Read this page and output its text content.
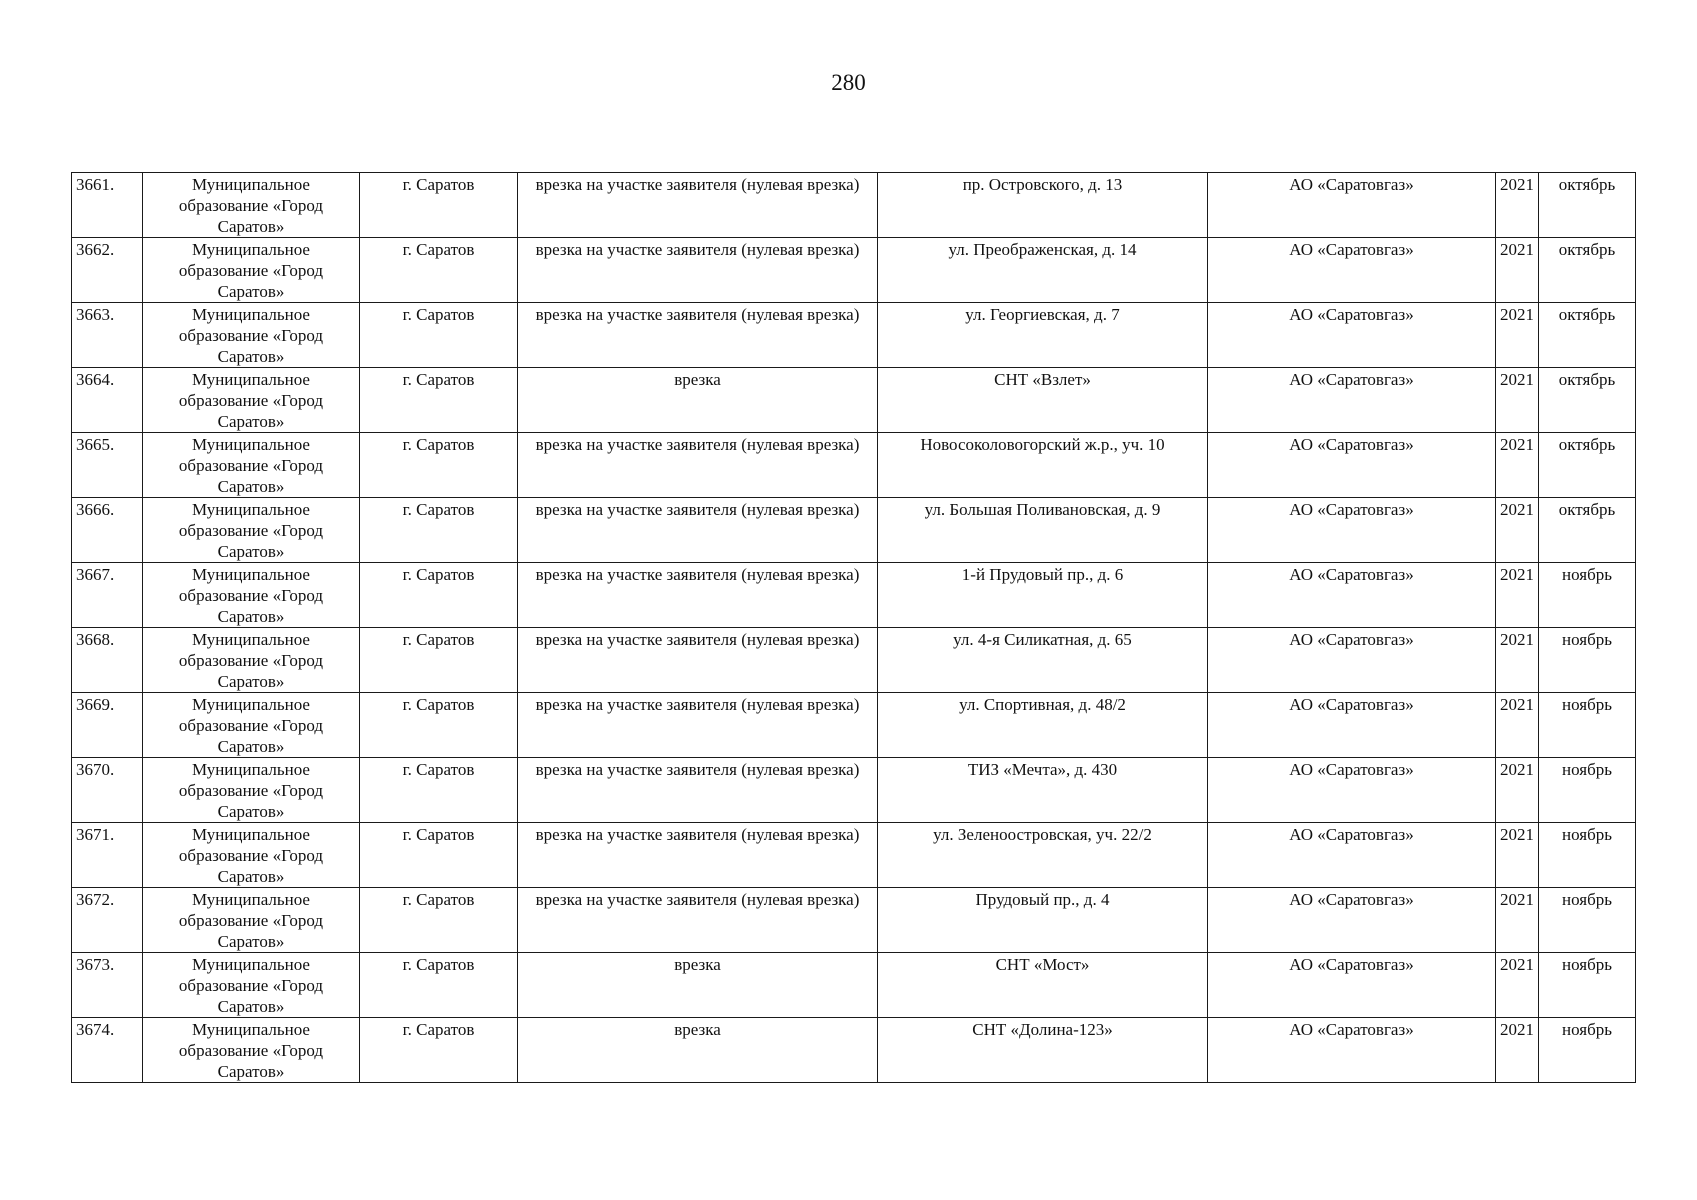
280
3661.	Муниципальное образование «Город Саратов»	г. Саратов	врезка на участке заявителя (нулевая врезка)	пр. Островского, д. 13	АО «Саратовгаз»	2021	октябрь
3662.	Муниципальное образование «Город Саратов»	г. Саратов	врезка на участке заявителя (нулевая врезка)	ул. Преображенская, д. 14	АО «Саратовгаз»	2021	октябрь
3663.	Муниципальное образование «Город Саратов»	г. Саратов	врезка на участке заявителя (нулевая врезка)	ул. Георгиевская, д. 7	АО «Саратовгаз»	2021	октябрь
3664.	Муниципальное образование «Город Саратов»	г. Саратов	врезка	СНТ «Взлет»	АО «Саратовгаз»	2021	октябрь
3665.	Муниципальное образование «Город Саратов»	г. Саратов	врезка на участке заявителя (нулевая врезка)	Новосоколовогорский ж.р., уч. 10	АО «Саратовгаз»	2021	октябрь
3666.	Муниципальное образование «Город Саратов»	г. Саратов	врезка на участке заявителя (нулевая врезка)	ул. Большая Поливановская, д. 9	АО «Саратовгаз»	2021	октябрь
3667.	Муниципальное образование «Город Саратов»	г. Саратов	врезка на участке заявителя (нулевая врезка)	1-й Прудовый пр., д. 6	АО «Саратовгаз»	2021	ноябрь
3668.	Муниципальное образование «Город Саратов»	г. Саратов	врезка на участке заявителя (нулевая врезка)	ул. 4-я Силикатная, д. 65	АО «Саратовгаз»	2021	ноябрь
3669.	Муниципальное образование «Город Саратов»	г. Саратов	врезка на участке заявителя (нулевая врезка)	ул. Спортивная, д. 48/2	АО «Саратовгаз»	2021	ноябрь
3670.	Муниципальное образование «Город Саратов»	г. Саратов	врезка на участке заявителя (нулевая врезка)	ТИЗ «Мечта», д. 430	АО «Саратовгаз»	2021	ноябрь
3671.	Муниципальное образование «Город Саратов»	г. Саратов	врезка на участке заявителя (нулевая врезка)	ул. Зеленоостровская, уч. 22/2	АО «Саратовгаз»	2021	ноябрь
3672.	Муниципальное образование «Город Саратов»	г. Саратов	врезка на участке заявителя (нулевая врезка)	Прудовый пр., д. 4	АО «Саратовгаз»	2021	ноябрь
3673.	Муниципальное образование «Город Саратов»	г. Саратов	врезка	СНТ «Мост»	АО «Саратовгаз»	2021	ноябрь
3674.	Муниципальное образование «Город Саратов»	г. Саратов	врезка	СНТ «Долина-123»	АО «Саратовгаз»	2021	ноябрь
